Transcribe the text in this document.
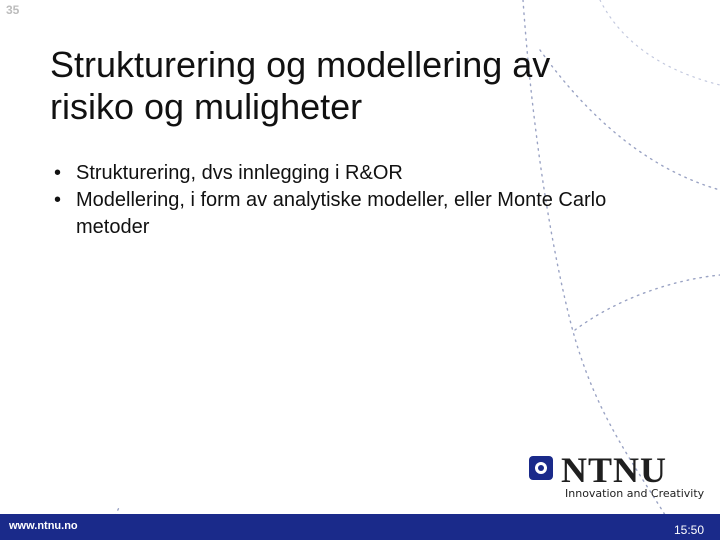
35
Strukturering og modellering av
risiko og muligheter
• Strukturering, dvs innlegging i R&OR
• Modellering, i form av analytiske modeller, eller Monte Carlo metoder
NTNU
Innovation and Creativity
www.ntnu.no	15:50
